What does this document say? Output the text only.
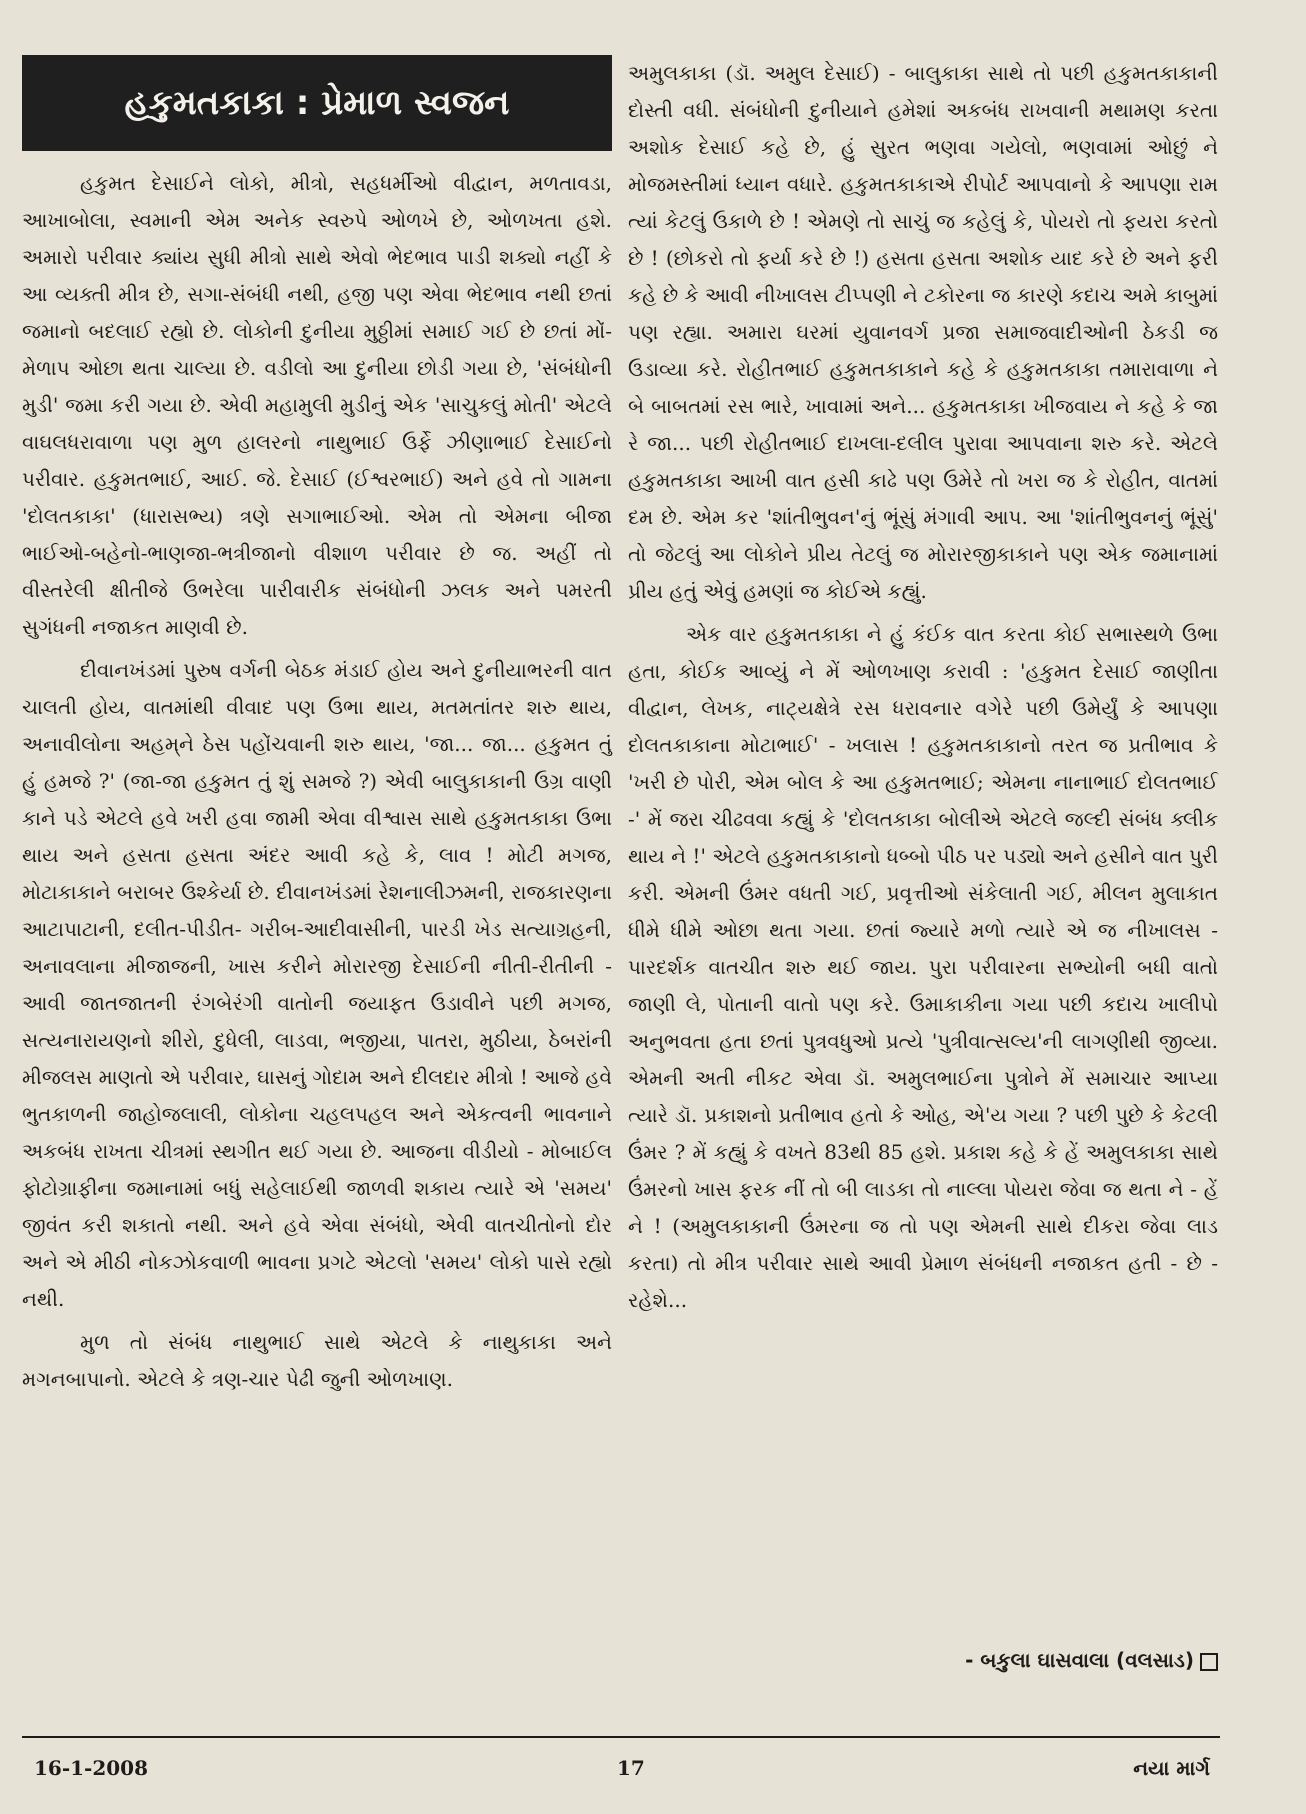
હકુમતકાકા : પ્રેમાળ સ્વજન

હકુમત દેસાઈને લોકો, મીત્રો, સહધર્મીઓ વીદ્વાન, મળતાવડા, આખાબોલા, સ્વમાની એમ અનેક સ્વરુપે ઓળખે છે, ઓળખતા હશે. અમારો પરીવાર ક્યાંય સુધી મીત્રો સાથે એવો ભેદભાવ પાડી શક્યો નહીં કે આ વ્યક્તી મીત્ર છે, સગા-સંબંધી નથી, હજી પણ એવા ભેદભાવ નથી છતાં જમાનો બદલાઈ રહ્યો છે. લોકોની દુનીયા મુઠ્ઠીમાં સમાઈ ગઈ છે છતાં મોં-મેળાપ ઓછા થતા ચાલ્યા છે. વડીલો આ દુનીયા છોડી ગયા છે, 'સંબંધોની મુડી' જમા કરી ગયા છે. એવી મહામુલી મુડીનું એક 'સાચુકલું મોતી' એટલે વાઘલધરાવાળા પણ મુળ હાલરનો નાથુભાઈ ઉર્ફે ઝીણાભાઈ દેસાઈનો પરીવાર. હકુમતભાઈ, આઈ. જે. દેસાઈ (ઈશ્વરભાઈ) અને હવે તો ગામના 'દોલતકાકા' (ધારાસભ્ય) ત્રણે સગાભાઈઓ. એમ તો એમના બીજા ભાઈઓ-બહેનો-ભાણજા-ભત્રીજાનો વીશાળ પરીવાર છે જ. અહીં તો વીસ્તરેલી ક્ષીતીજે ઉભરેલા પારીવારીક સંબંધોની ઝલક અને પમરતી સુગંધની નજાકત માણવી છે.

દીવાનખંડમાં પુરુષ વર્ગની બેઠક મંડાઈ હોય અને દુનીયાભરની વાત ચાલતી હોય, વાતમાંથી વીવાદ પણ ઉભા થાય, મતમતાંતર શરુ થાય, અનાવીલોના અહમ્‌ને ઠેસ પહોંચવાની શરુ થાય, 'જા... જા... હકુમત તું હું હમજે ?' (જા-જા હકુમત તું શું સમજે ?) એવી બાલુકાકાની ઉગ્ર વાણી કાને પડે એટલે હવે ખરી હવા જામી એવા વીશ્વાસ સાથે હકુમતકાકા ઉભા થાય અને હસતા હસતા અંદર આવી કહે કે, લાવ ! મોટી મગજ, મોટાકાકાને બરાબર ઉશ્કેર્યા છે. દીવાનખંડમાં રેશનાલીઝમની, રાજકારણના આટાપાટાની, દલીત-પીડીત- ગરીબ-આદીવાસીની, પારડી ખેડ સત્યાગ્રહની, અનાવલાના મીજાજની, ખાસ કરીને મોરારજી દેસાઈની નીતી-રીતીની - આવી જાતજાતની રંગબેરંગી વાતોની જયાફત ઉડાવીને પછી મગજ, સત્યનારાયણનો શીરો, દુધેલી, લાડવા, ભજીયા, પાતરા, મુઠીયા, ઠેબરાંની મીજલસ માણતો એ પરીવાર, ઘાસનું ગોદામ અને દીલદાર મીત્રો ! આજે હવે ભુતકાળની જાહોજલાલી, લોકોના ચહલપહલ અને એકત્વની ભાવનાને અકબંધ રાખતા ચીત્રમાં સ્થગીત થઈ ગયા છે. આજના વીડીયો - મોબાઈલ ફોટોગ્રાફીના જમાનામાં બધું સહેલાઈથી જાળવી શકાય ત્યારે એ 'સમય' જીવંત કરી શકાતો નથી. અને હવે એવા સંબંધો, એવી વાતચીતોનો દોર અને એ મીઠી નોકઝોકવાળી ભાવના પ્રગટે એટલો 'સમય' લોકો પાસે રહ્યો નથી.

મુળ તો સંબંધ નાથુભાઈ સાથે એટલે કે નાથુકાકા અને મગનબાપાનો. એટલે કે ત્રણ-ચાર પેઢી જુની ઓળખાણ.

અમુલકાકા (ડૉ. અમુલ દેસાઈ) - બાલુકાકા સાથે તો પછી હકુમતકાકાની દોસ્તી વધી. સંબંધોની દુનીયાને હમેશાં અકબંધ રાખવાની મથામણ કરતા અશોક દેસાઈ કહે છે, હું સુરત ભણવા ગયેલો, ભણવામાં ઓછું ને મોજમસ્તીમાં ધ્યાન વધારે. હકુમતકાકાએ રીપોર્ટ આપવાનો કે આપણા રામ ત્યાં કેટલું ઉકાળે છે ! એમણે તો સાચું જ કહેલું કે, પોયરો તો ફયરા કરતો છે ! (છોકરો તો ફર્યા કરે છે !) હસતા હસતા અશોક યાદ કરે છે અને ફરી કહે છે કે આવી નીખાલસ ટીપ્પણી ને ટકોરના જ કારણે કદાચ અમે કાબુમાં પણ રહ્યા. અમારા ઘરમાં યુવાનવર્ગ પ્રજા સમાજવાદીઓની ઠેકડી જ ઉડાવ્યા કરે. રોહીતભાઈ હકુમતકાકાને કહે કે હકુમતકાકા તમારાવાળા ને બે બાબતમાં રસ ભારે, ખાવામાં અને... હકુમતકાકા ખીજવાય ને કહે કે જા રે જા... પછી રોહીતભાઈ દાખલા-દલીલ પુરાવા આપવાના શરુ કરે. એટલે હકુમતકાકા આખી વાત હસી કાઢે પણ ઉમેરે તો ખરા જ કે રોહીત, વાતમાં દમ છે. એમ કર 'શાંતીભુવન'નું ભૂંસું મંગાવી આપ. આ 'શાંતીભુવનનું ભૂંસું' તો જેટલું આ લોકોને પ્રીય તેટલું જ મોરારજીકાકાને પણ એક જમાનામાં પ્રીય હતું એવું હમણાં જ કોઈએ કહ્યું.

એક વાર હકુમતકાકા ને હું કંઈક વાત કરતા કોઈ સભાસ્થળે ઉભા હતા, કોઈક આવ્યું ને મેં ઓળખાણ કરાવી : 'હકુમત દેસાઈ જાણીતા વીદ્વાન, લેખક, નાટ્યક્ષેત્રે રસ ધરાવનાર વગેરે પછી ઉમેર્યું કે આપણા દોલતકાકાના મોટાભાઈ' - ખલાસ ! હકુમતકાકાનો તરત જ પ્રતીભાવ કે 'ખરી છે પોરી, એમ બોલ કે આ હકુમતભાઈ; એમના નાનાભાઈ દોલતભાઈ -' મેં જરા ચીઢવવા કહ્યું કે 'દોલતકાકા બોલીએ એટલે જલ્દી સંબંધ ક્લીક થાય ને !' એટલે હકુમતકાકાનો ધબ્બો પીઠ પર પડ્યો અને હસીને વાત પુરી કરી. એમની ઉંમર વધતી ગઈ, પ્રવૃત્તીઓ સંકેલાતી ગઈ, મીલન મુલાકાત ધીમે ધીમે ઓછા થતા ગયા. છતાં જ્યારે મળો ત્યારે એ જ નીખાલસ - પારદર્શક વાતચીત શરુ થઈ જાય. પુરા પરીવારના સભ્યોની બધી વાતો જાણી લે, પોતાની વાતો પણ કરે. ઉમાકાકીના ગયા પછી કદાચ ખાલીપો અનુભવતા હતા છતાં પુત્રવધુઓ પ્રત્યે 'પુત્રીવાત્સલ્ય'ની લાગણીથી જીવ્યા. એમની અતી નીકટ એવા ડૉ. અમુલભાઈના પુત્રોને મેં સમાચાર આપ્યા ત્યારે ડૉ. પ્રકાશનો પ્રતીભાવ હતો કે ઓહ, એ'ય ગયા ? પછી પુછે કે કેટલી ઉંમર ? મેં કહ્યું કે વખતે 83થી 85 હશે. પ્રકાશ કહે કે હેં અમુલકાકા સાથે ઉંમરનો ખાસ ફરક નીં તો બી લાડકા તો નાલ્લા પોયરા જેવા જ થતા ને - હેં ને ! (અમુલકાકાની ઉંમરના જ તો પણ એમની સાથે દીકરા જેવા લાડ કરતા) તો મીત્ર પરીવાર સાથે આવી પ્રેમાળ સંબંધની નજાકત હતી - છે - રહેશે...

- બકુલા ઘાસવાલા (વલસાડ)
16-1-2008	17	નયા માર્ગ
